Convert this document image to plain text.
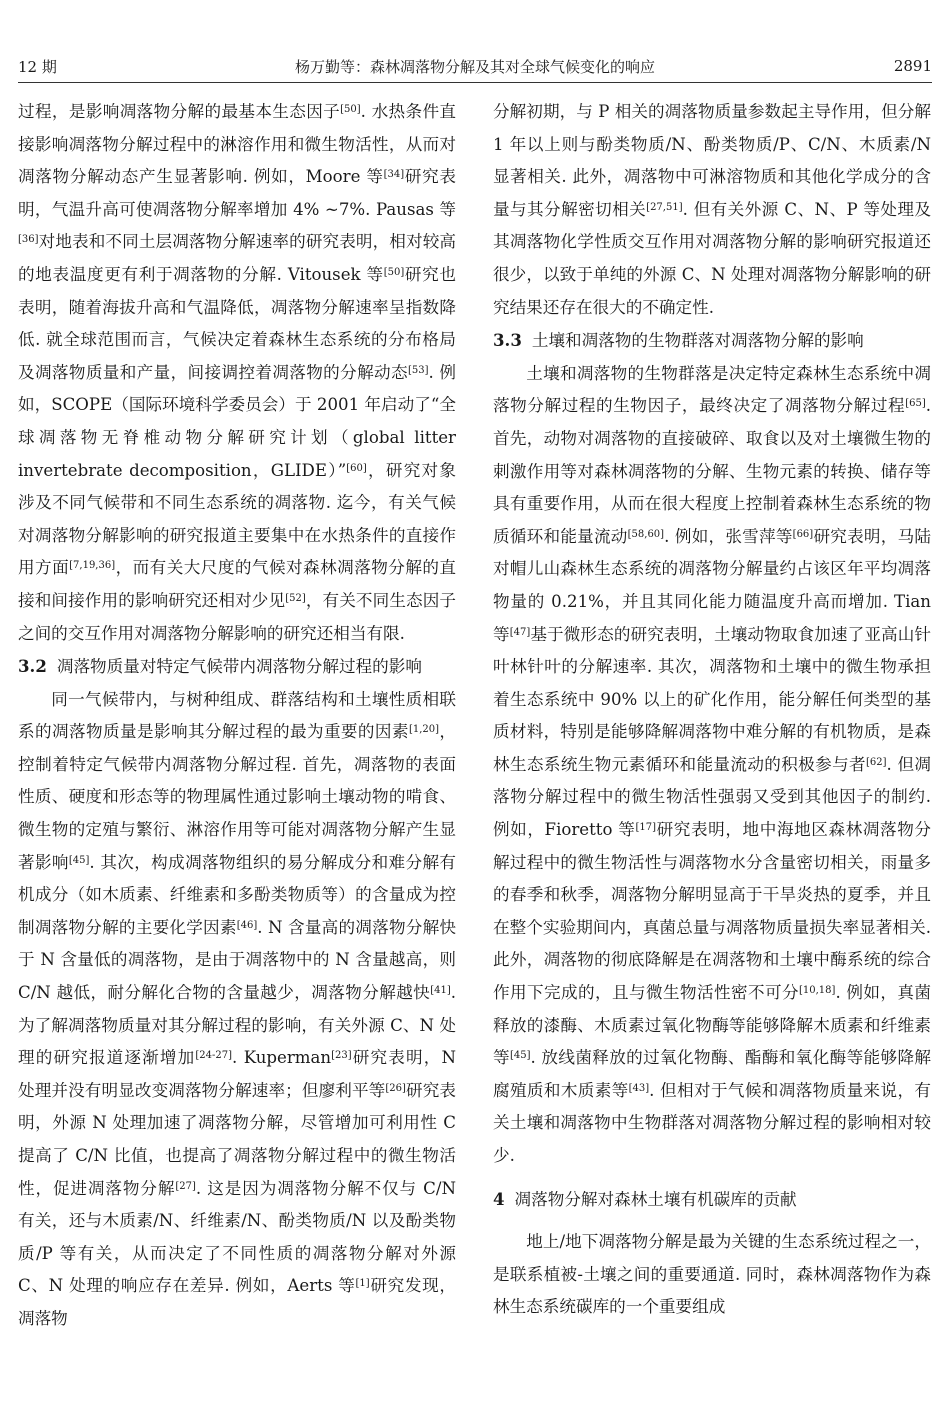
12 期	杨万勤等：森林凋落物分解及其对全球气候变化的响应	2891

过程，是影响凋落物分解的最基本生态因子[50]. 水热条件直接影响凋落物分解过程中的淋溶作用和微生物活性，从而对凋落物分解动态产生显著影响. 例如，Moore 等[34]研究表明，气温升高可使凋落物分解率增加 4% ~7%. Pausas 等[36]对地表和不同土层凋落物分解速率的研究表明，相对较高的地表温度更有利于凋落物的分解. Vitousek 等[50]研究也表明，随着海拔升高和气温降低，凋落物分解速率呈指数降低. 就全球范围而言，气候决定着森林生态系统的分布格局及凋落物质量和产量，间接调控着凋落物的分解动态[53]. 例如，SCOPE（国际环境科学委员会）于 2001 年启动了“全球凋落物无脊椎动物分解研究计划（global litter invertebrate decomposition，GLIDE）”[60]，研究对象涉及不同气候带和不同生态系统的凋落物. 迄今，有关气候对凋落物分解影响的研究报道主要集中在水热条件的直接作用方面[7,19,36]，而有关大尺度的气候对森林凋落物分解的直接和间接作用的影响研究还相对少见[52]，有关不同生态因子之间的交互作用对凋落物分解影响的研究还相当有限.

3.2 凋落物质量对特定气候带内凋落物分解过程的影响

同一气候带内，与树种组成、群落结构和土壤性质相联系的凋落物质量是影响其分解过程的最为重要的因素[1,20]，控制着特定气候带内凋落物分解过程. 首先，凋落物的表面性质、硬度和形态等的物理属性通过影响土壤动物的啃食、微生物的定殖与繁衍、淋溶作用等可能对凋落物分解产生显著影响[45]. 其次，构成凋落物组织的易分解成分和难分解有机成分（如木质素、纤维素和多酚类物质等）的含量成为控制凋落物分解的主要化学因素[46]. N 含量高的凋落物分解快于 N 含量低的凋落物，是由于凋落物中的 N 含量越高，则 C/N 越低，耐分解化合物的含量越少，凋落物分解越快[41]. 为了解凋落物质量对其分解过程的影响，有关外源 C、N 处理的研究报道逐渐增加[24-27]. Kuperman[23]研究表明，N 处理并没有明显改变凋落物分解速率；但廖利平等[26]研究表明，外源 N 处理加速了凋落物分解，尽管增加可利用性 C 提高了 C/N 比值，也提高了凋落物分解过程中的微生物活性，促进凋落物分解[27]. 这是因为凋落物分解不仅与 C/N 有关，还与木质素/N、纤维素/N、酚类物质/N 以及酚类物质/P 等有关，从而决定了不同性质的凋落物分解对外源 C、N 处理的响应存在差异. 例如，Aerts 等[1]研究发现，凋落物

分解初期，与 P 相关的凋落物质量参数起主导作用，但分解 1 年以上则与酚类物质/N、酚类物质/P、C/N、木质素/N 显著相关. 此外，凋落物中可淋溶物质和其他化学成分的含量与其分解密切相关[27,51]. 但有关外源 C、N、P 等处理及其凋落物化学性质交互作用对凋落物分解的影响研究报道还很少，以致于单纯的外源 C、N 处理对凋落物分解影响的研究结果还存在很大的不确定性.

3.3 土壤和凋落物的生物群落对凋落物分解的影响

土壤和凋落物的生物群落是决定特定森林生态系统中凋落物分解过程的生物因子，最终决定了凋落物分解过程[65]. 首先，动物对凋落物的直接破碎、取食以及对土壤微生物的刺激作用等对森林凋落物的分解、生物元素的转换、储存等具有重要作用，从而在很大程度上控制着森林生态系统的物质循环和能量流动[58,60]. 例如，张雪萍等[66]研究表明，马陆对帽儿山森林生态系统的凋落物分解量约占该区年平均凋落物量的 0.21%，并且其同化能力随温度升高而增加. Tian 等[47]基于微形态的研究表明，土壤动物取食加速了亚高山针叶林针叶的分解速率. 其次，凋落物和土壤中的微生物承担着生态系统中 90% 以上的矿化作用，能分解任何类型的基质材料，特别是能够降解凋落物中难分解的有机物质，是森林生态系统生物元素循环和能量流动的积极参与者[62]. 但凋落物分解过程中的微生物活性强弱又受到其他因子的制约. 例如，Fioretto 等[17]研究表明，地中海地区森林凋落物分解过程中的微生物活性与凋落物水分含量密切相关，雨量多的春季和秋季，凋落物分解明显高于干旱炎热的夏季，并且在整个实验期间内，真菌总量与凋落物质量损失率显著相关. 此外，凋落物的彻底降解是在凋落物和土壤中酶系统的综合作用下完成的，且与微生物活性密不可分[10,18]. 例如，真菌释放的漆酶、木质素过氧化物酶等能够降解木质素和纤维素等[45]. 放线菌释放的过氧化物酶、酯酶和氧化酶等能够降解腐殖质和木质素等[43]. 但相对于气候和凋落物质量来说，有关土壤和凋落物中生物群落对凋落物分解过程的影响相对较少.

4 凋落物分解对森林土壤有机碳库的贡献

地上/地下凋落物分解是最为关键的生态系统过程之一，是联系植被-土壤之间的重要通道. 同时，森林凋落物作为森林生态系统碳库的一个重要组成
